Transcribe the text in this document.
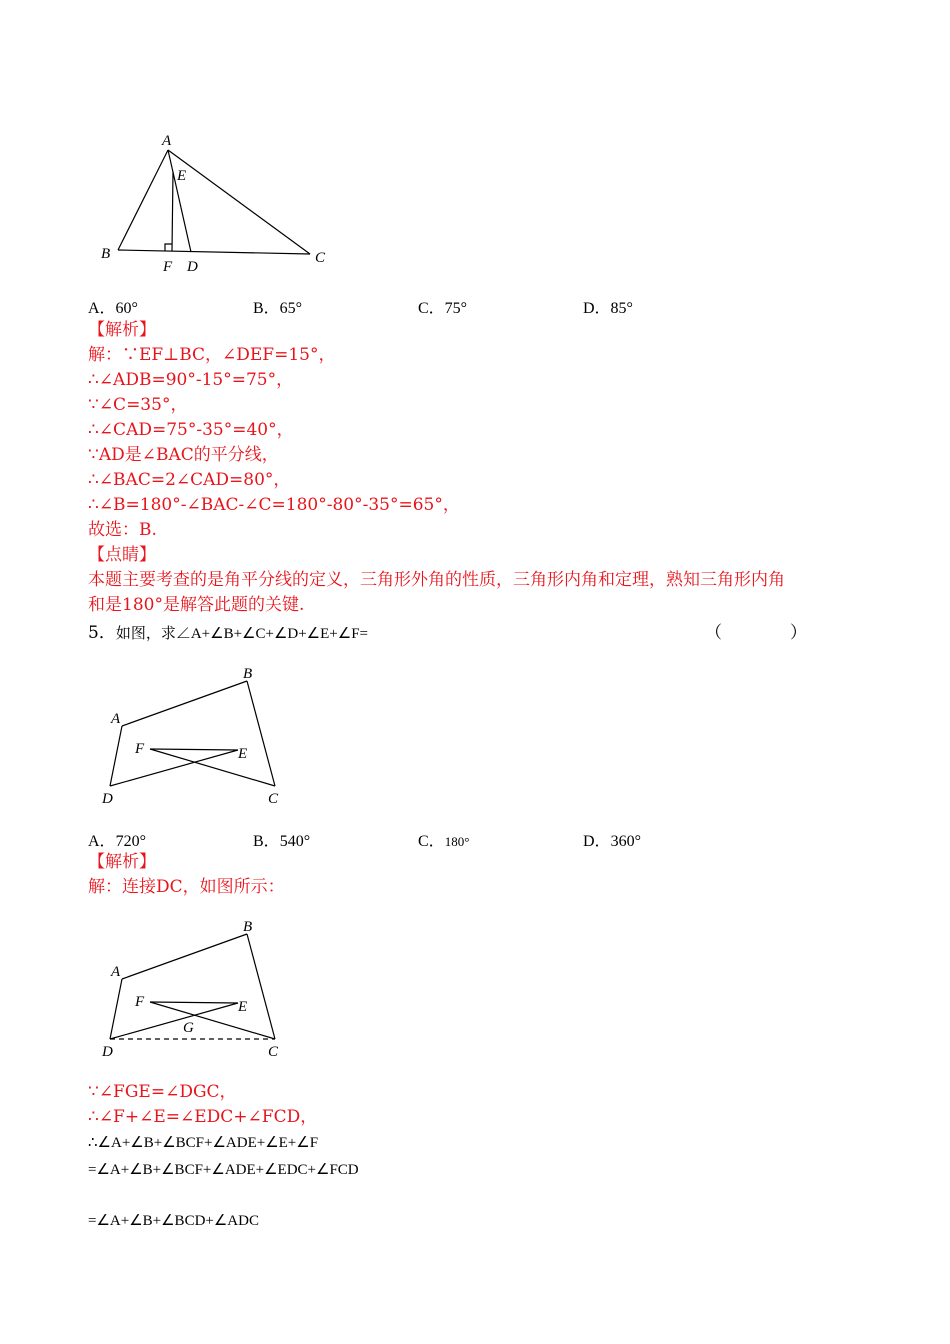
A
E
B
F D
C
A．60°	B．65°	C．75°	D．85°
【解析】
解：∵EF⊥BC，∠DEF=15°，
∴∠ADB=90°-15°=75°，
∵∠C=35°，
∴∠CAD=75°-35°=40°，
∵AD是∠BAC的平分线，
∴∠BAC=2∠CAD=80°，
∴∠B=180°-∠BAC-∠C=180°-80°-35°=65°，
故选：B.
【点睛】
本题主要考查的是角平分线的定义，三角形外角的性质，三角形内角和定理，熟知三角形内角
和是180°是解答此题的关键.
5．如图，求∠A+∠B+∠C+∠D+∠E+∠F=	（　　　　）
A
B
F	E
D	C
A．720°	B．540°	C．180°	D．360°
【解析】
解：连接DC，如图所示：
A
B
F	E
G
D	C
∵∠FGE=∠DGC，
∴∠F+∠E=∠EDC+∠FCD，
∴∠A+∠B+∠BCF+∠ADE+∠E+∠F
=∠A+∠B+∠BCF+∠ADE+∠EDC+∠FCD
=∠A+∠B+∠BCD+∠ADC
